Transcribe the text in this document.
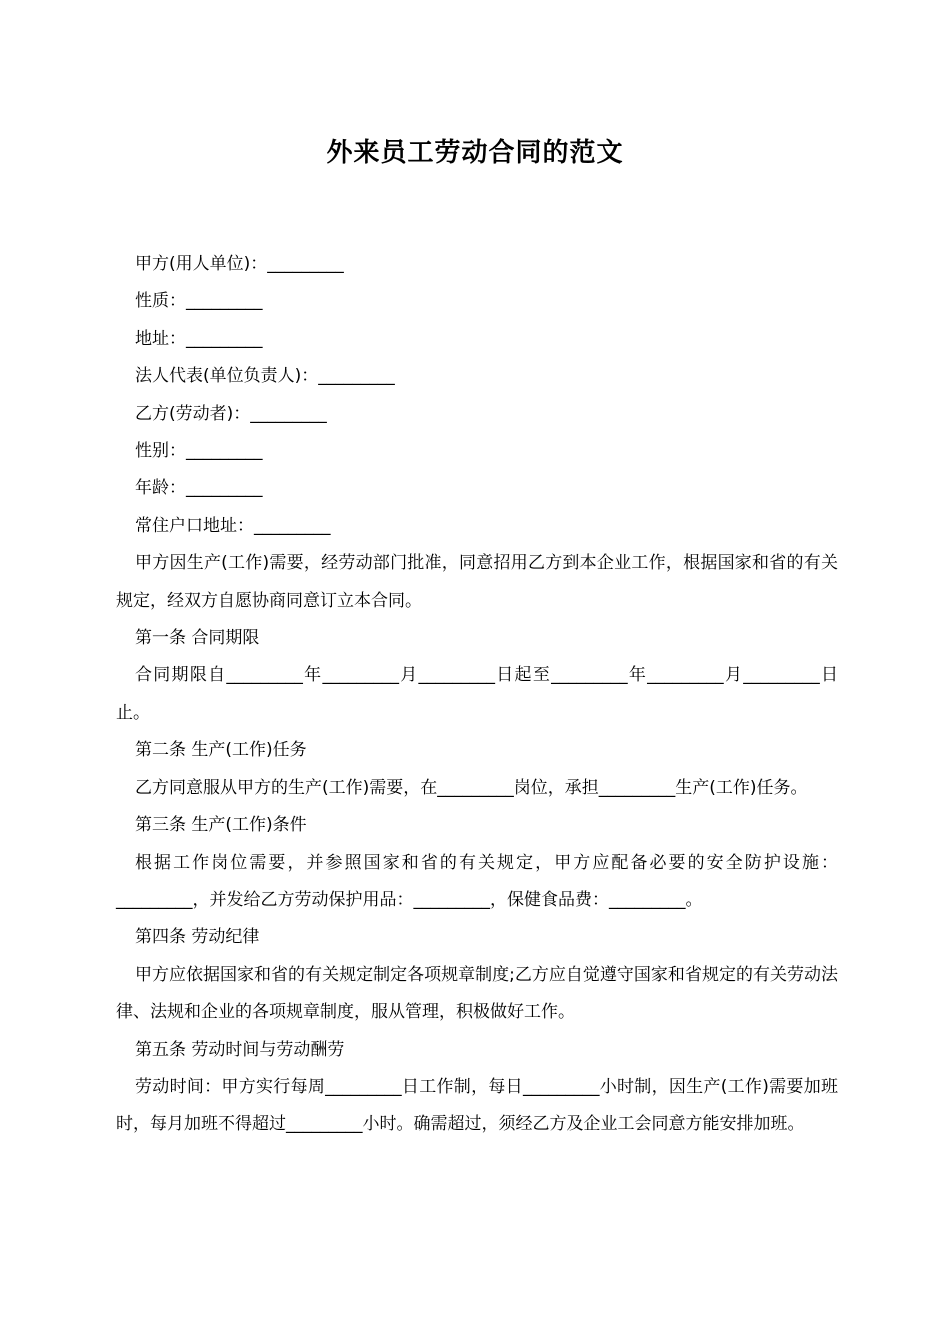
外来员工劳动合同的范文

甲方(用人单位)：_________

性质：_________

地址：_________

法人代表(单位负责人)：_________

乙方(劳动者)：_________

性别：_________

年龄：_________

常住户口地址：_________

甲方因生产(工作)需要，经劳动部门批准，同意招用乙方到本企业工作，根据国家和省的有关规定，经双方自愿协商同意订立本合同。

第一条 合同期限

合同期限自_________年_________月_________日起至_________年_________月_________日止。

第二条 生产(工作)任务

乙方同意服从甲方的生产(工作)需要，在_________岗位，承担_________生产(工作)任务。

第三条 生产(工作)条件

根据工作岗位需要，并参照国家和省的有关规定，甲方应配备必要的安全防护设施：_________，并发给乙方劳动保护用品：_________，保健食品费：_________。

第四条 劳动纪律

甲方应依据国家和省的有关规定制定各项规章制度;乙方应自觉遵守国家和省规定的有关劳动法律、法规和企业的各项规章制度，服从管理，积极做好工作。

第五条 劳动时间与劳动酬劳

劳动时间：甲方实行每周_________日工作制，每日_________小时制，因生产(工作)需要加班时，每月加班不得超过_________小时。确需超过，须经乙方及企业工会同意方能安排加班。
